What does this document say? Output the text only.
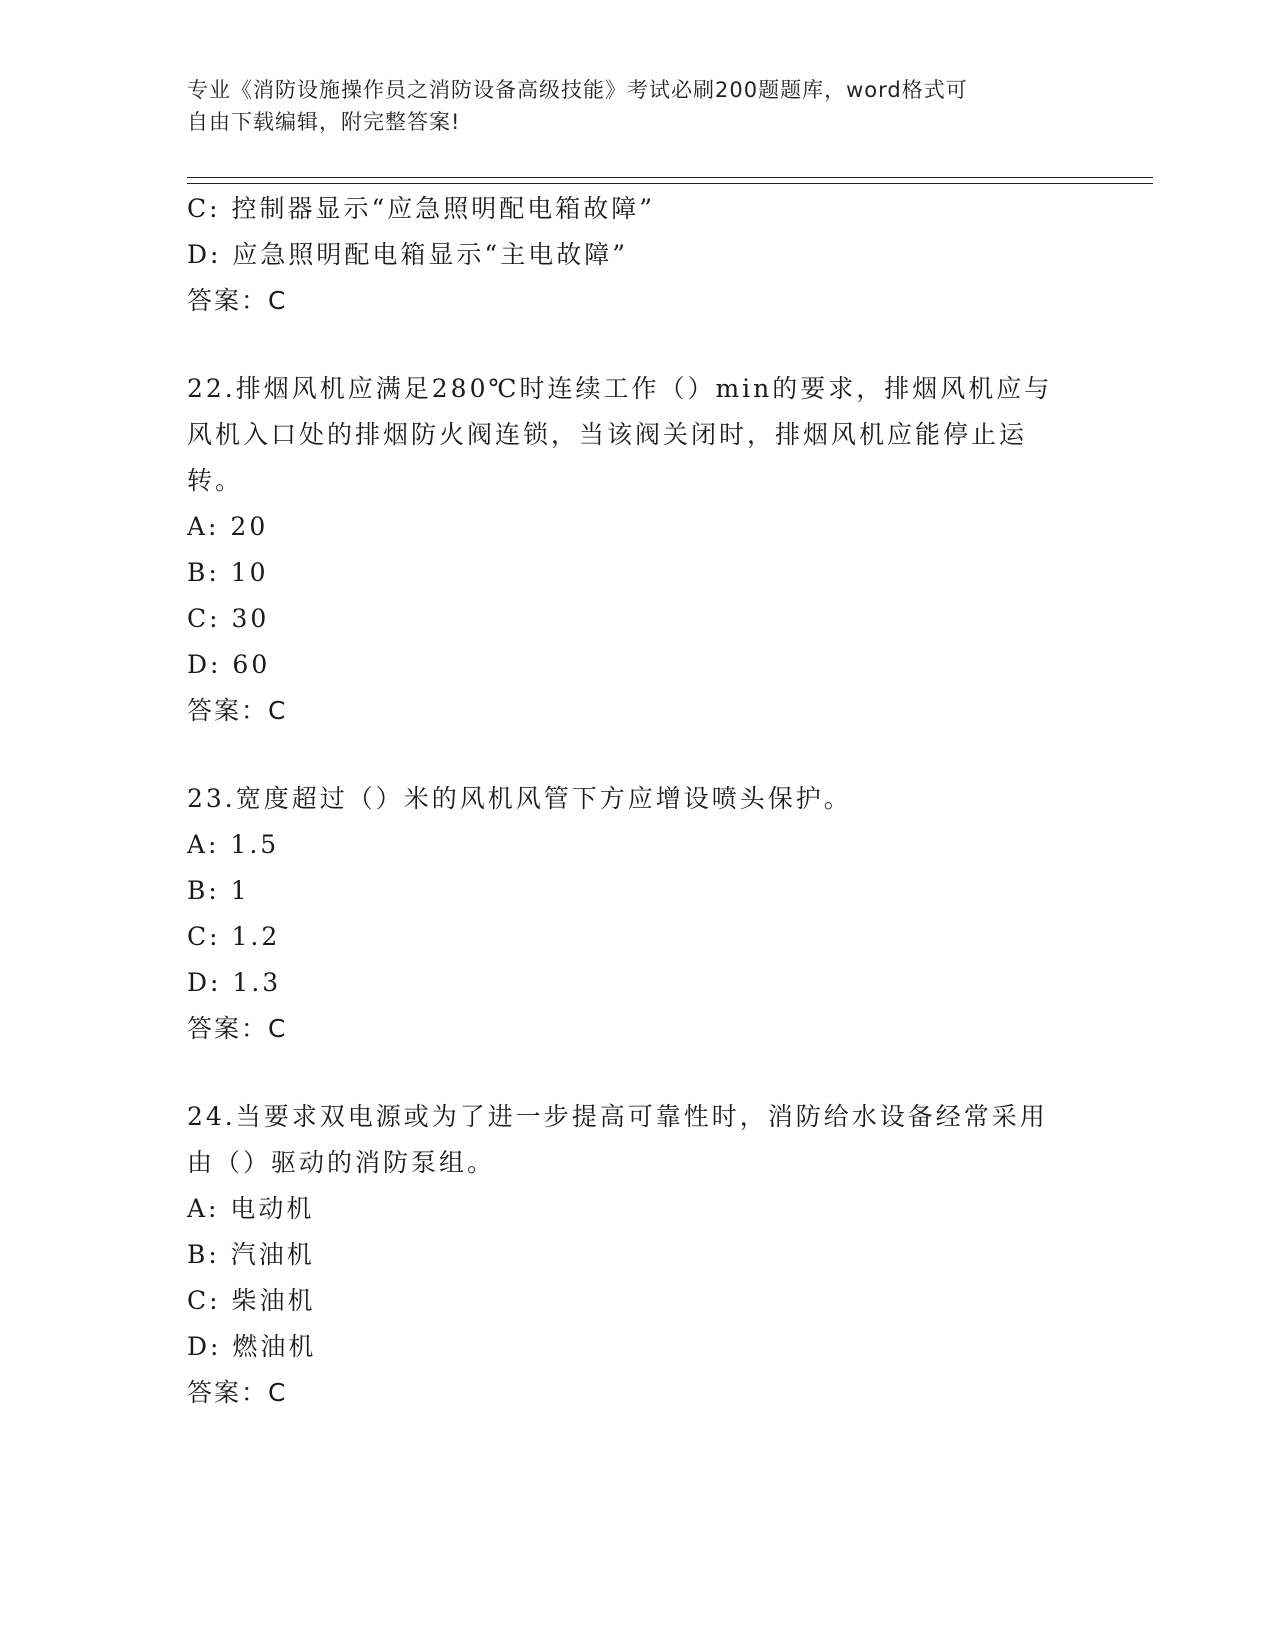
专业《消防设施操作员之消防设备高级技能》考试必刷200题题库，word格式可
自由下载编辑，附完整答案!

C: 控制器显示“应急照明配电箱故障”

D: 应急照明配电箱显示“主电故障”

答案：C

22.排烟风机应满足280℃时连续工作（）min的要求，排烟风机应与

风机入口处的排烟防火阀连锁，当该阀关闭时，排烟风机应能停止运

转。

A: 20

B: 10

C: 30

D: 60

答案：C

23.宽度超过（）米的风机风管下方应增设喷头保护。

A: 1.5

B: 1

C: 1.2

D: 1.3

答案：C

24.当要求双电源或为了进一步提高可靠性时，消防给水设备经常采用

由（）驱动的消防泵组。

A: 电动机

B: 汽油机

C: 柴油机

D: 燃油机

答案：C
